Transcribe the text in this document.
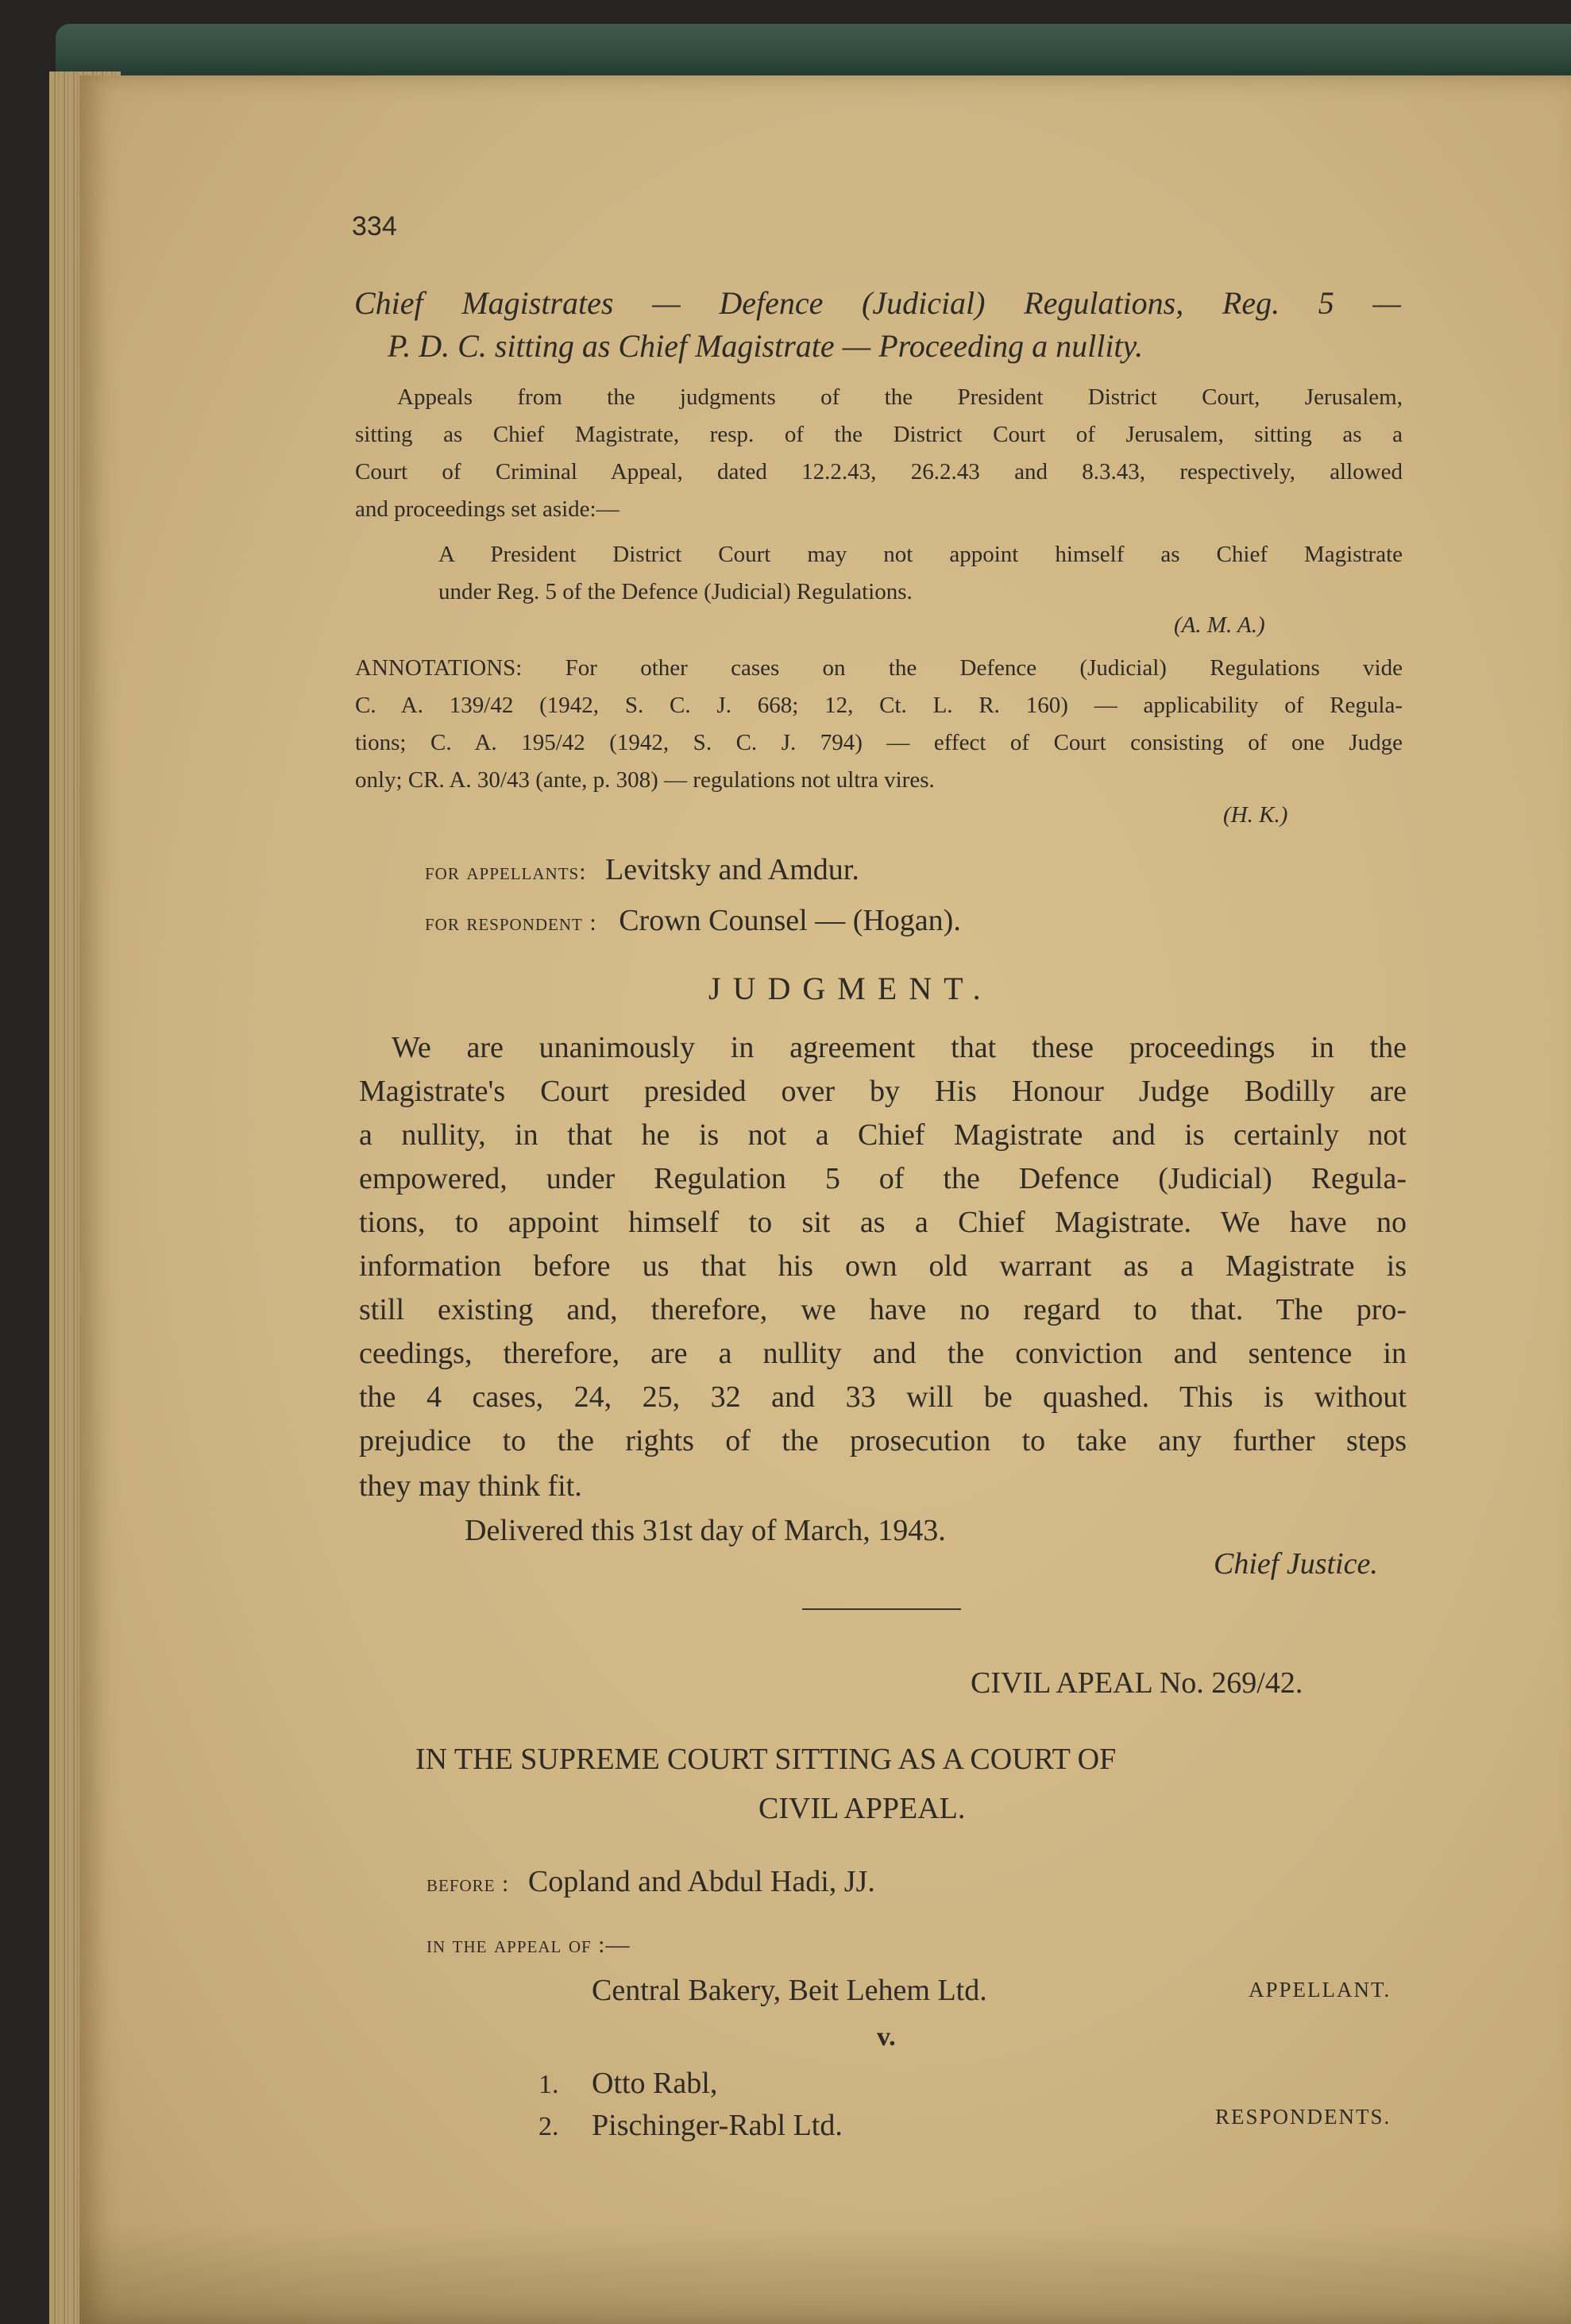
334
Chief Magistrates — Defence (Judicial) Regulations, Reg. 5 —
P. D. C. sitting as Chief Magistrate — Proceeding a nullity.
Appeals from the judgments of the President District Court, Jerusalem,
sitting as Chief Magistrate, resp. of the District Court of Jerusalem, sitting as a
Court of Criminal Appeal, dated 12.2.43, 26.2.43 and 8.3.43, respectively, allowed
and proceedings set aside:—
A President District Court may not appoint himself as Chief Magistrate
under Reg. 5 of the Defence (Judicial) Regulations.
(A. M. A.)
ANNOTATIONS: For other cases on the Defence (Judicial) Regulations vide
C. A. 139/42 (1942, S. C. J. 668; 12, Ct. L. R. 160) — applicability of Regula-
tions; C. A. 195/42 (1942, S. C. J. 794) — effect of Court consisting of one Judge
only; CR. A. 30/43 (ante, p. 308) — regulations not ultra vires.
(H. K.)
for appellants: Levitsky and Amdur.
for respondent : Crown Counsel — (Hogan).
JUDGMENT.
We are unanimously in agreement that these proceedings in the
Magistrate's Court presided over by His Honour Judge Bodilly are
a nullity, in that he is not a Chief Magistrate and is certainly not
empowered, under Regulation 5 of the Defence (Judicial) Regula-
tions, to appoint himself to sit as a Chief Magistrate. We have no
information before us that his own old warrant as a Magistrate is
still existing and, therefore, we have no regard to that. The pro-
ceedings, therefore, are a nullity and the conviction and sentence in
the 4 cases, 24, 25, 32 and 33 will be quashed. This is without
prejudice to the rights of the prosecution to take any further steps
they may think fit.
Delivered this 31st day of March, 1943.
Chief Justice.
CIVIL APEAL No. 269/42.
IN THE SUPREME COURT SITTING AS A COURT OF
CIVIL APPEAL.
before : Copland and Abdul Hadi, JJ.
in the appeal of :—
Central Bakery, Beit Lehem Ltd.	APPELLANT.
v.
1. Otto Rabl,
2. Pischinger-Rabl Ltd.	RESPONDENTS.
